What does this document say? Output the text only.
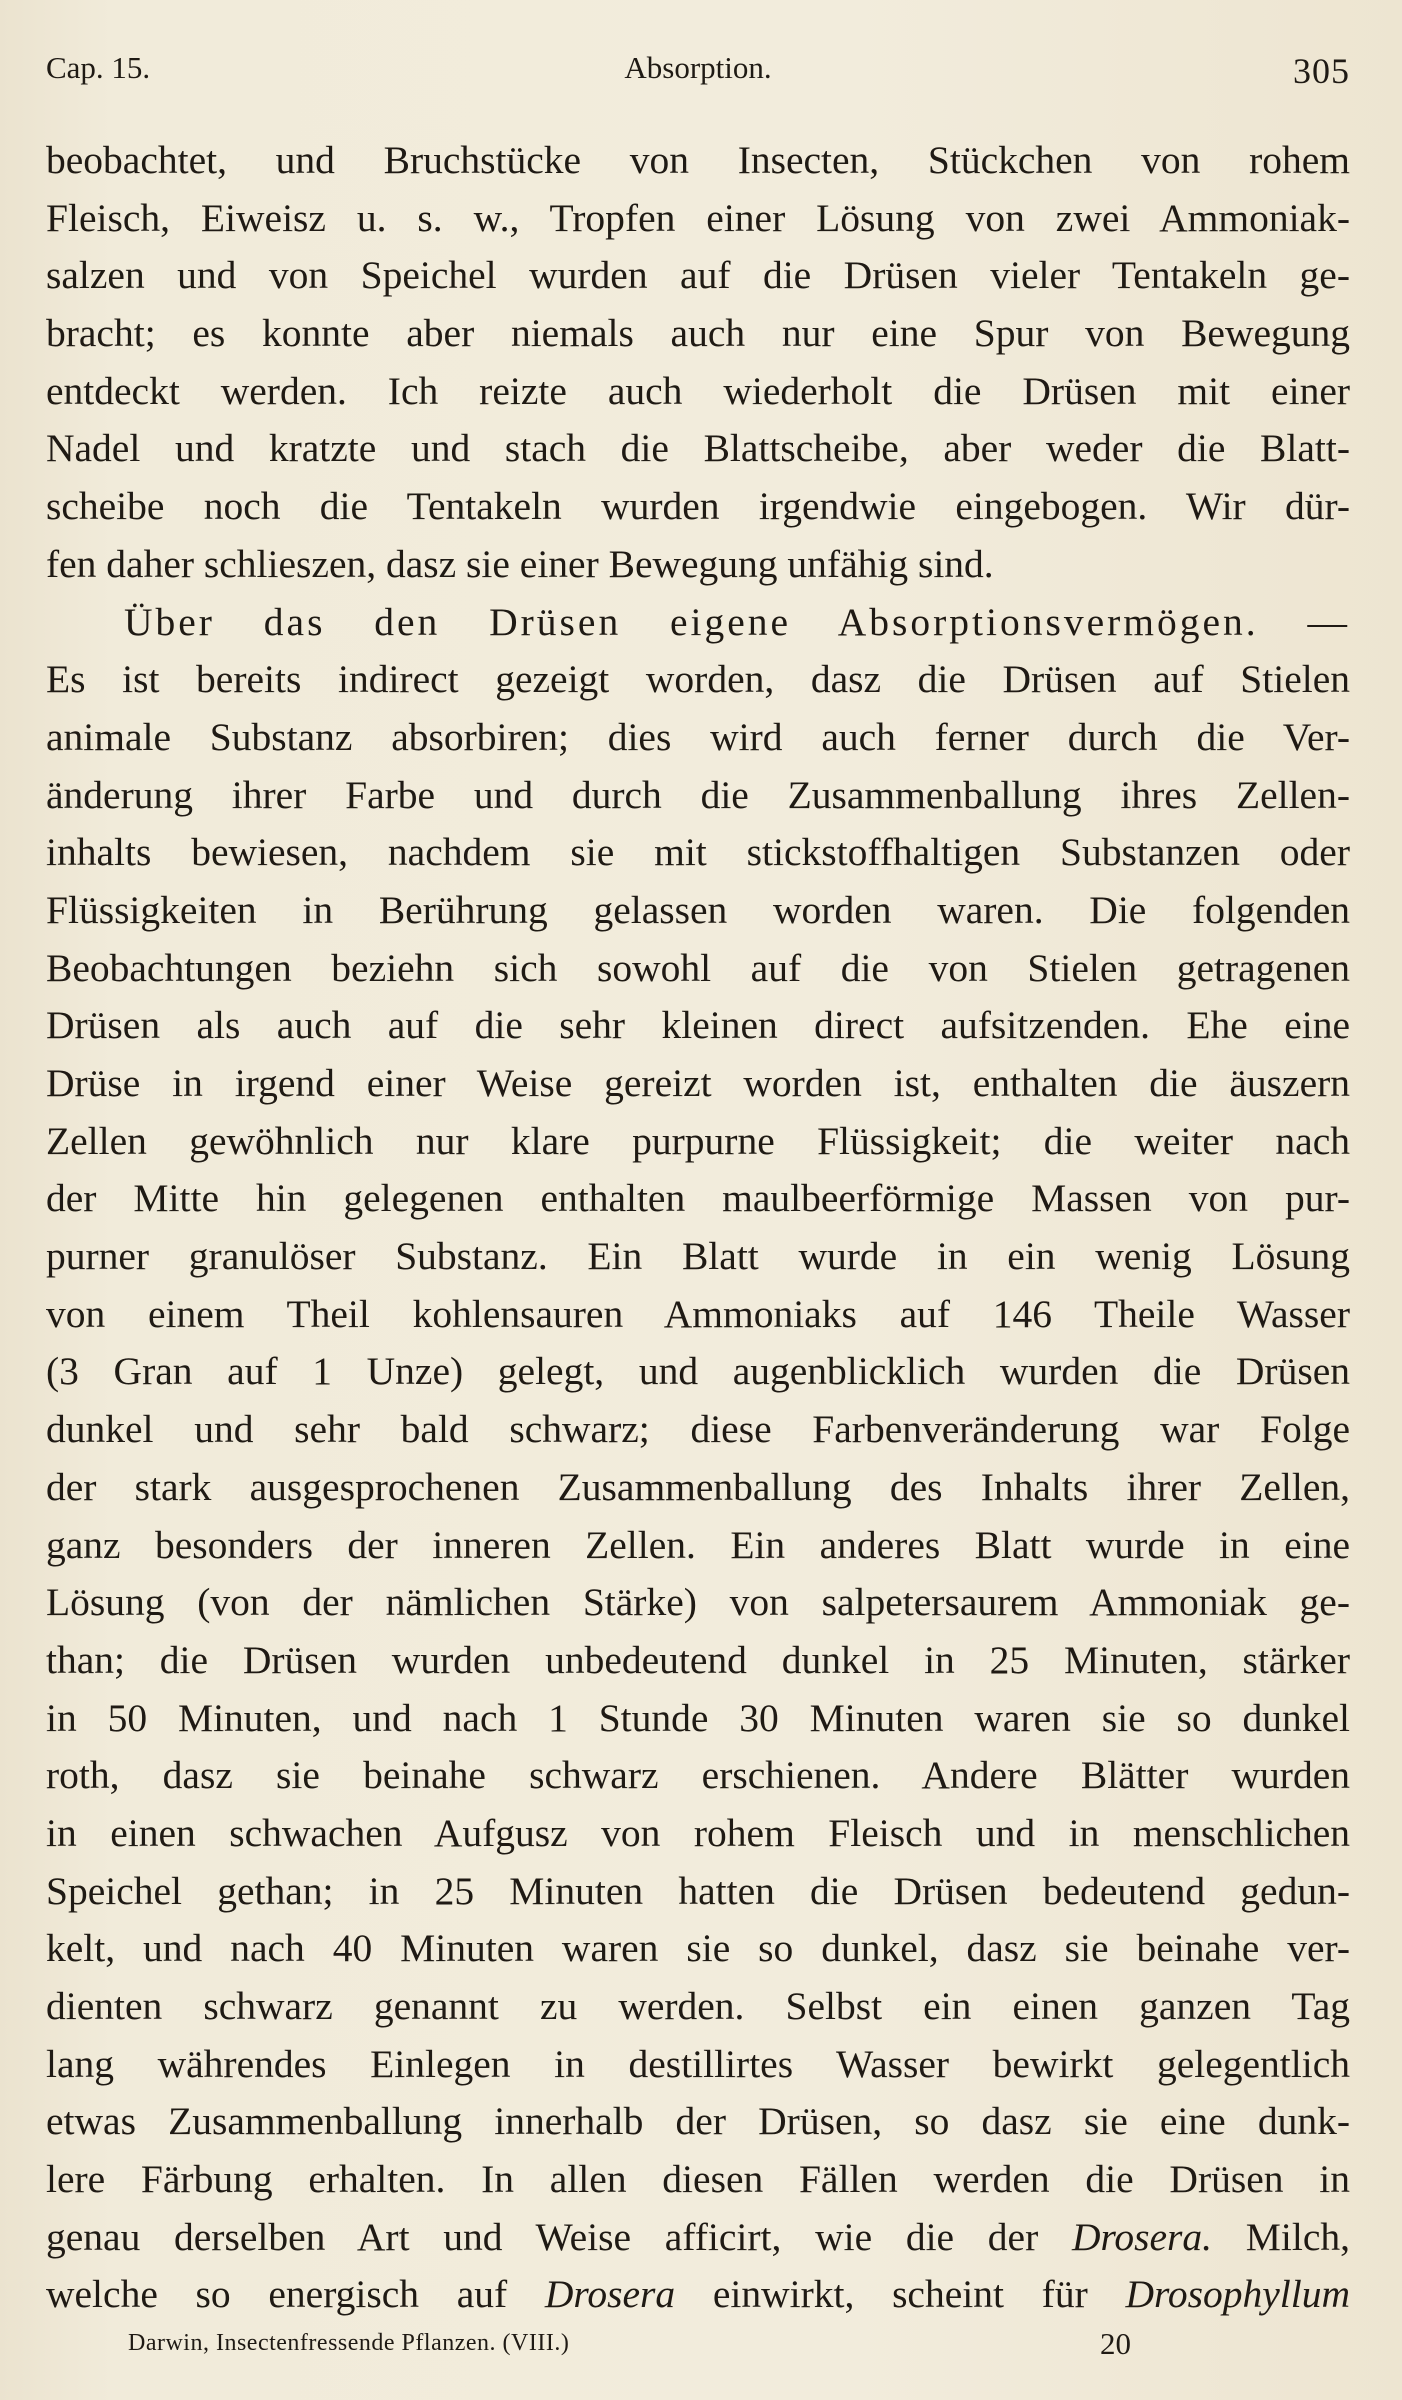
Cap. 15.	Absorption.	305
beobachtet, und Bruchstücke von Insecten, Stückchen von rohem
Fleisch, Eiweisz u. s. w., Tropfen einer Lösung von zwei Ammoniak-
salzen und von Speichel wurden auf die Drüsen vieler Tentakeln ge-
bracht; es konnte aber niemals auch nur eine Spur von Bewegung
entdeckt werden. Ich reizte auch wiederholt die Drüsen mit einer
Nadel und kratzte und stach die Blattscheibe, aber weder die Blatt-
scheibe noch die Tentakeln wurden irgendwie eingebogen. Wir dür-
fen daher schlieszen, dasz sie einer Bewegung unfähig sind.
Über das den Drüsen eigene Absorptionsvermögen. —
Es ist bereits indirect gezeigt worden, dasz die Drüsen auf Stielen
animale Substanz absorbiren; dies wird auch ferner durch die Ver-
änderung ihrer Farbe und durch die Zusammenballung ihres Zellen-
inhalts bewiesen, nachdem sie mit stickstoffhaltigen Substanzen oder
Flüssigkeiten in Berührung gelassen worden waren. Die folgenden
Beobachtungen beziehn sich sowohl auf die von Stielen getragenen
Drüsen als auch auf die sehr kleinen direct aufsitzenden. Ehe eine
Drüse in irgend einer Weise gereizt worden ist, enthalten die äuszern
Zellen gewöhnlich nur klare purpurne Flüssigkeit; die weiter nach
der Mitte hin gelegenen enthalten maulbeerförmige Massen von pur-
purner granulöser Substanz. Ein Blatt wurde in ein wenig Lösung
von einem Theil kohlensauren Ammoniaks auf 146 Theile Wasser
(3 Gran auf 1 Unze) gelegt, und augenblicklich wurden die Drüsen
dunkel und sehr bald schwarz; diese Farbenveränderung war Folge
der stark ausgesprochenen Zusammenballung des Inhalts ihrer Zellen,
ganz besonders der inneren Zellen. Ein anderes Blatt wurde in eine
Lösung (von der nämlichen Stärke) von salpetersaurem Ammoniak ge-
than; die Drüsen wurden unbedeutend dunkel in 25 Minuten, stärker
in 50 Minuten, und nach 1 Stunde 30 Minuten waren sie so dunkel
roth, dasz sie beinahe schwarz erschienen. Andere Blätter wurden
in einen schwachen Aufgusz von rohem Fleisch und in menschlichen
Speichel gethan; in 25 Minuten hatten die Drüsen bedeutend gedun-
kelt, und nach 40 Minuten waren sie so dunkel, dasz sie beinahe ver-
dienten schwarz genannt zu werden. Selbst ein einen ganzen Tag
lang währendes Einlegen in destillirtes Wasser bewirkt gelegentlich
etwas Zusammenballung innerhalb der Drüsen, so dasz sie eine dunk-
lere Färbung erhalten. In allen diesen Fällen werden die Drüsen in
genau derselben Art und Weise afficirt, wie die der Drosera. Milch,
welche so energisch auf Drosera einwirkt, scheint für Drosophyllum
Darwin, Insectenfressende Pflanzen. (VIII.)	20
